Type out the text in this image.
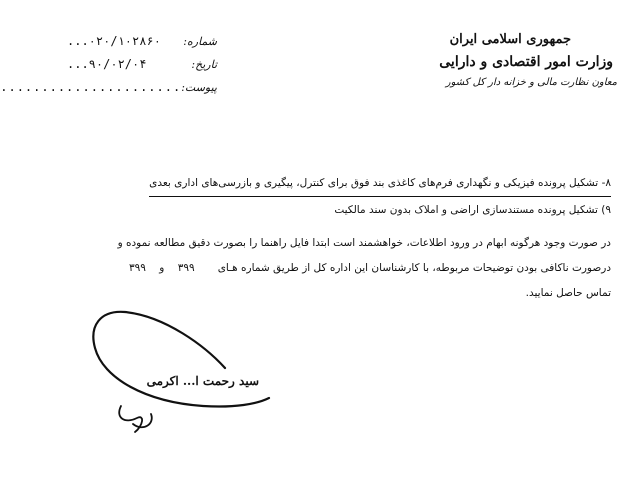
جمهوری اسلامی ایران
وزارت امور اقتصادی و دارایی
معاون نظارت مالی و خزانه دار کل کشور
شماره:
...۰۲۰/۱۰۲۸۶۰
تاریخ:
...۹۰/۰۲/۰۴
پیوست:
......................
۸- تشکیل پرونده فیزیکی و نگهداری فرم‌های کاغذی بند فوق برای کنترل، پیگیری و بازرسی‌های اداری بعدی
۹) تشکیل پرونده مستندسازی اراضی و املاک بدون سند مالکیت
در صورت وجود هرگونه ابهام در ورود اطلاعات، خواهشمند است ابتدا فایل راهنما را بصورت دقیق مطالعه نموده و
درصورت ناکافی بودن توضیحات مربوطه، با کارشناسان این اداره کل از طریق شماره هـای
۳۹۹ و ۳۹۹
تماس حاصل نمایید.
سید رحمت ا... اکرمی
